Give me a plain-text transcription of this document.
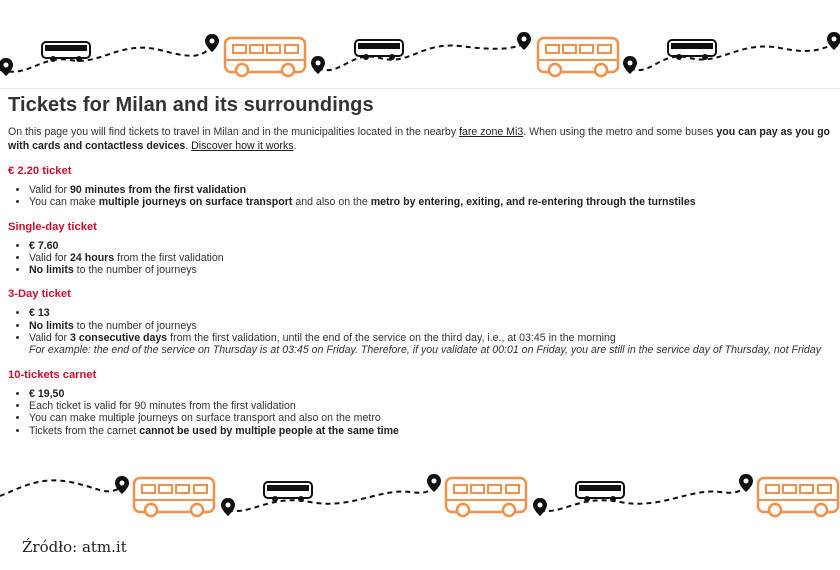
Tickets for Milan and its surroundings

On this page you will find tickets to travel in Milan and in the municipalities located in the nearby fare zone Mi3. When using the metro and some buses you can pay as you go
with cards and contactless devices. Discover how it works.

€ 2.20 ticket
• Valid for 90 minutes from the first validation
• You can make multiple journeys on surface transport and also on the metro by entering, exiting, and re-entering through the turnstiles
Single-day ticket
• € 7.60
• Valid for 24 hours from the first validation
• No limits to the number of journeys
3-Day ticket
• € 13
• No limits to the number of journeys
• Valid for 3 consecutive days from the first validation, until the end of the service on the third day, i.e., at 03:45 in the morning
For example: the end of the service on Thursday is at 03:45 on Friday. Therefore, if you validate at 00:01 on Friday, you are still in the service day of Thursday, not Friday
10-tickets carnet
• € 19,50
• Each ticket is valid for 90 minutes from the first validation
• You can make multiple journeys on surface transport and also on the metro
• Tickets from the carnet cannot be used by multiple people at the same time
Źródło: atm.it
